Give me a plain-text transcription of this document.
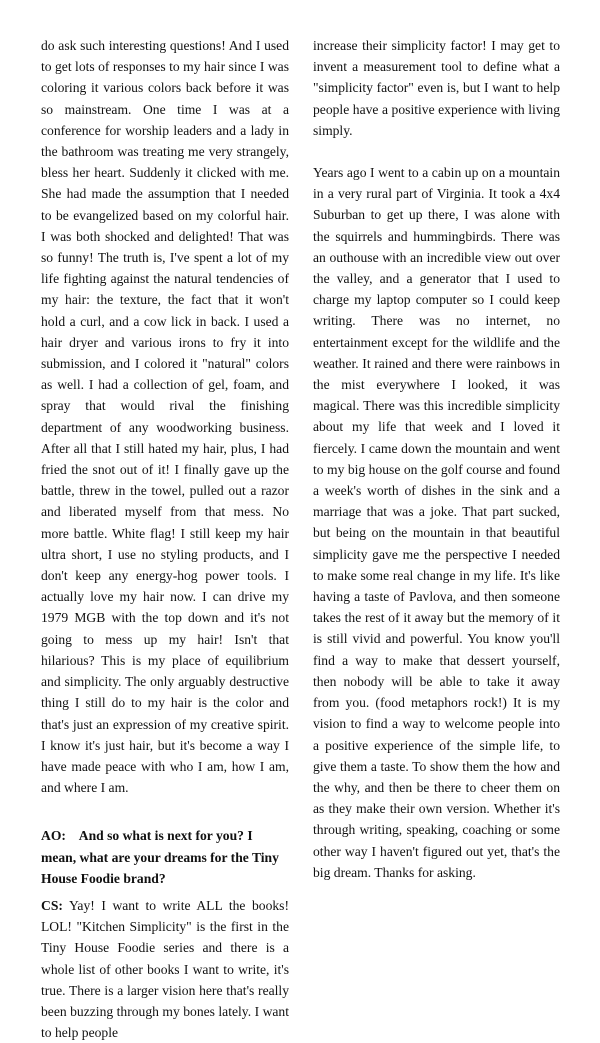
do ask such interesting questions! And I used to get lots of responses to my hair since I was coloring it various colors back before it was so mainstream. One time I was at a conference for worship leaders and a lady in the bathroom was treating me very strangely, bless her heart. Suddenly it clicked with me. She had made the assumption that I needed to be evangelized based on my colorful hair. I was both shocked and delighted! That was so funny! The truth is, I've spent a lot of my life fighting against the natural tendencies of my hair: the texture, the fact that it won't hold a curl, and a cow lick in back. I used a hair dryer and various irons to fry it into submission, and I colored it "natural" colors as well. I had a collection of gel, foam, and spray that would rival the finishing department of any woodworking business. After all that I still hated my hair, plus, I had fried the snot out of it! I finally gave up the battle, threw in the towel, pulled out a razor and liberated myself from that mess. No more battle. White flag! I still keep my hair ultra short, I use no styling products, and I don't keep any energy-hog power tools. I actually love my hair now. I can drive my 1979 MGB with the top down and it's not going to mess up my hair! Isn't that hilarious? This is my place of equilibrium and simplicity. The only arguably destructive thing I still do to my hair is the color and that's just an expression of my creative spirit. I know it's just hair, but it's become a way I have made peace with who I am, how I am, and where I am.

AO:    And so what is next for you? I mean, what are your dreams for the Tiny House Foodie brand?

CS: Yay! I want to write ALL the books! LOL! "Kitchen Simplicity" is the first in the Tiny House Foodie series and there is a whole list of other books I want to write, it's true. There is a larger vision here that's really been buzzing through my bones lately. I want to help people

increase their simplicity factor! I may get to invent a measurement tool to define what a "simplicity factor" even is, but I want to help people have a positive experience with living simply.

Years ago I went to a cabin up on a mountain in a very rural part of Virginia. It took a 4x4 Suburban to get up there, I was alone with the squirrels and hummingbirds. There was an outhouse with an incredible view out over the valley, and a generator that I used to charge my laptop computer so I could keep writing. There was no internet, no entertainment except for the wildlife and the weather. It rained and there were rainbows in the mist everywhere I looked, it was magical. There was this incredible simplicity about my life that week and I loved it fiercely. I came down the mountain and went to my big house on the golf course and found a week's worth of dishes in the sink and a marriage that was a joke. That part sucked, but being on the mountain in that beautiful simplicity gave me the perspective I needed to make some real change in my life. It's like having a taste of Pavlova, and then someone takes the rest of it away but the memory of it is still vivid and powerful. You know you'll find a way to make that dessert yourself, then nobody will be able to take it away from you. (food metaphors rock!) It is my vision to find a way to welcome people into a positive experience of the simple life, to give them a taste. To show them the how and the why, and then be there to cheer them on as they make their own version. Whether it's through writing, speaking, coaching or some other way I haven't figured out yet, that's the big dream. Thanks for asking.
